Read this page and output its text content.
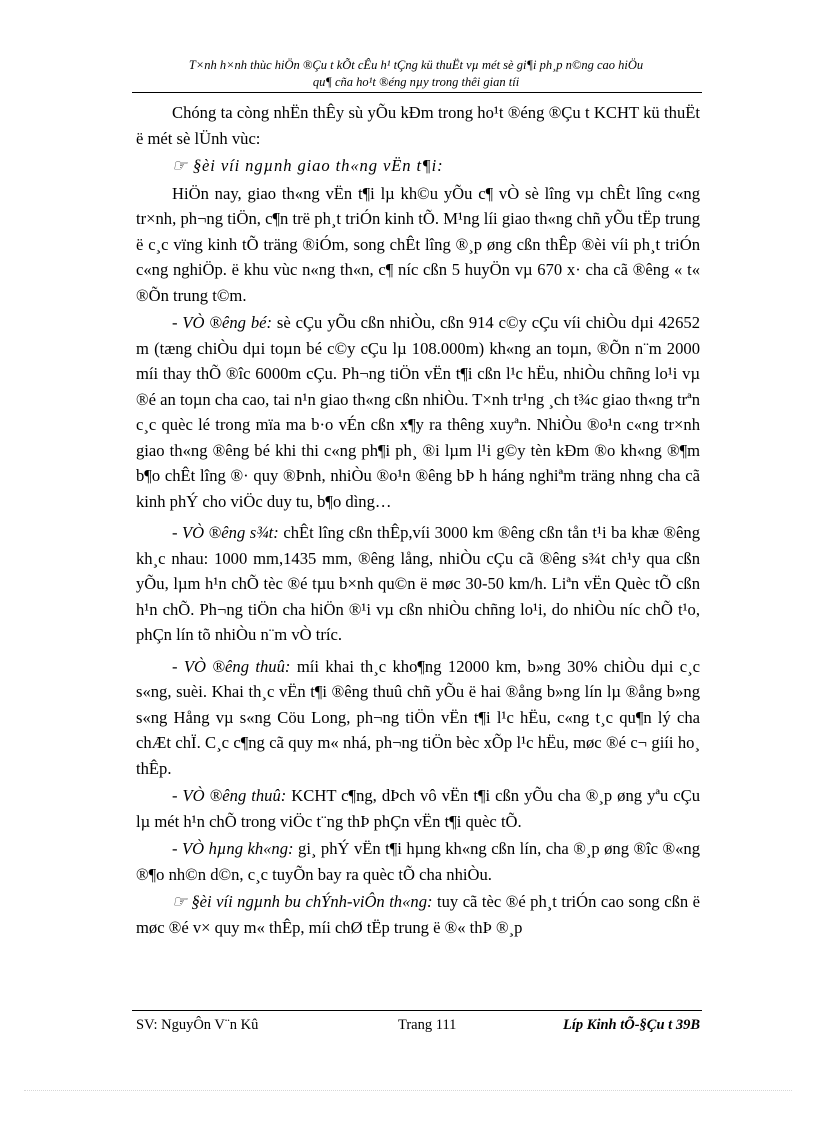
T×nh h×nh thùc hiÖn ®Çu t kÕt cÊu h¹ tÇng kü thuËt vµ mét sè gi¶i ph¸p n©ng cao hiÖu
qu¶ cña ho¹t ®éng nµy trong thêi gian tíi

Chóng ta còng nhËn thÊy sù yÕu kÐm trong ho¹t ®éng ®Çu t KCHT kü thuËt ë mét sè lÜnh vùc:

☞ §èi víi ngµnh giao th«ng vËn t¶i:

HiÖn nay, giao th«ng vËn t¶i lµ kh©u yÕu c¶ vÒ sè lîng vµ chÊt lîng c«ng tr×nh, ph¬ng tiÖn, c¶n trë ph¸t triÓn kinh tÕ. M¹ng líi giao th«ng chñ yÕu tËp trung ë c¸c vïng kinh tÕ träng ®iÓm, song chÊt lîng ®¸p øng cßn thÊp ®èi víi ph¸t triÓn c«ng nghiÖp. ë khu vùc n«ng th«n, c¶ níc cßn 5 huyÖn vµ 670 x· cha cã ®êng « t« ®Õn trung t©m.

- VÒ ®êng bé: sè cÇu yÕu cßn nhiÒu, cßn 914 c©y cÇu víi chiÒu dµi 42652 m (tæng chiÒu dµi toµn bé c©y cÇu lµ 108.000m) kh«ng an toµn, ®Õn n¨m 2000 míi thay thÕ ®îc 6000m cÇu. Ph¬ng tiÖn vËn t¶i cßn l¹c hËu, nhiÒu chñng lo¹i vµ ®é an toµn cha cao, tai n¹n giao th«ng cßn nhiÒu. T×nh tr¹ng ¸ch t¾c giao th«ng trªn c¸c quèc lé trong mïa ma b·o vÉn cßn x¶y ra thêng xuyªn. NhiÒu ®o¹n c«ng tr×nh giao th«ng ®êng bé khi thi c«ng ph¶i ph¸ ®i lµm l¹i g©y tèn kÐm ®o kh«ng ®¶m b¶o chÊt lîng ®· quy ®Þnh, nhiÒu ®o¹n ®êng bÞ h háng nghiªm träng nhng cha cã kinh phÝ cho viÖc duy tu, b¶o dìng…

- VÒ ®êng s¾t: chÊt lîng cßn thÊp,víi 3000 km ®êng cßn tån t¹i ba khæ ®êng kh¸c nhau: 1000 mm,1435 mm, ®êng lång, nhiÒu cÇu cã ®êng s¾t ch¹y qua cßn yÕu, lµm h¹n chÕ tèc ®é tµu b×nh qu©n ë møc 30-50 km/h. Liªn vËn Quèc tÕ cßn h¹n chÕ. Ph¬ng tiÖn cha hiÖn ®¹i vµ cßn nhiÒu chñng lo¹i, do nhiÒu níc chÕ t¹o, phÇn lín tõ nhiÒu n¨m vÒ tríc.

- VÒ ®êng thuû: míi khai th¸c kho¶ng 12000 km, b»ng 30% chiÒu dµi c¸c s«ng, suèi. Khai th¸c vËn t¶i ®êng thuû chñ yÕu ë hai ®ång b»ng lín lµ ®ång b»ng s«ng Hång vµ s«ng Cöu Long, ph¬ng tiÖn vËn t¶i l¹c hËu, c«ng t¸c qu¶n lý cha chÆt chÏ. C¸c c¶ng cã quy m« nhá, ph¬ng tiÖn bèc xÕp l¹c hËu, møc ®é c¬ giíi ho¸ thÊp.

- VÒ ®êng thuû: KCHT c¶ng, dÞch vô vËn t¶i cßn yÕu cha ®¸p øng yªu cÇu lµ mét h¹n chÕ trong viÖc t¨ng thÞ phÇn vËn t¶i quèc tÕ.

- VÒ hµng kh«ng: gi¸ phÝ vËn t¶i hµng kh«ng cßn lín, cha ®¸p øng ®îc ®«ng ®¶o nh©n d©n, c¸c tuyÕn bay ra quèc tÕ cha nhiÒu.

☞ §èi víi ngµnh bu chÝnh-viÔn th«ng: tuy cã tèc ®é ph¸t triÓn cao song cßn ë møc ®é v× quy m« thÊp, míi chØ tËp trung ë ®« thÞ ®¸p

SV: NguyÔn V¨n Kû	Trang 111	Líp Kinh tÕ-§Çu t 39B
